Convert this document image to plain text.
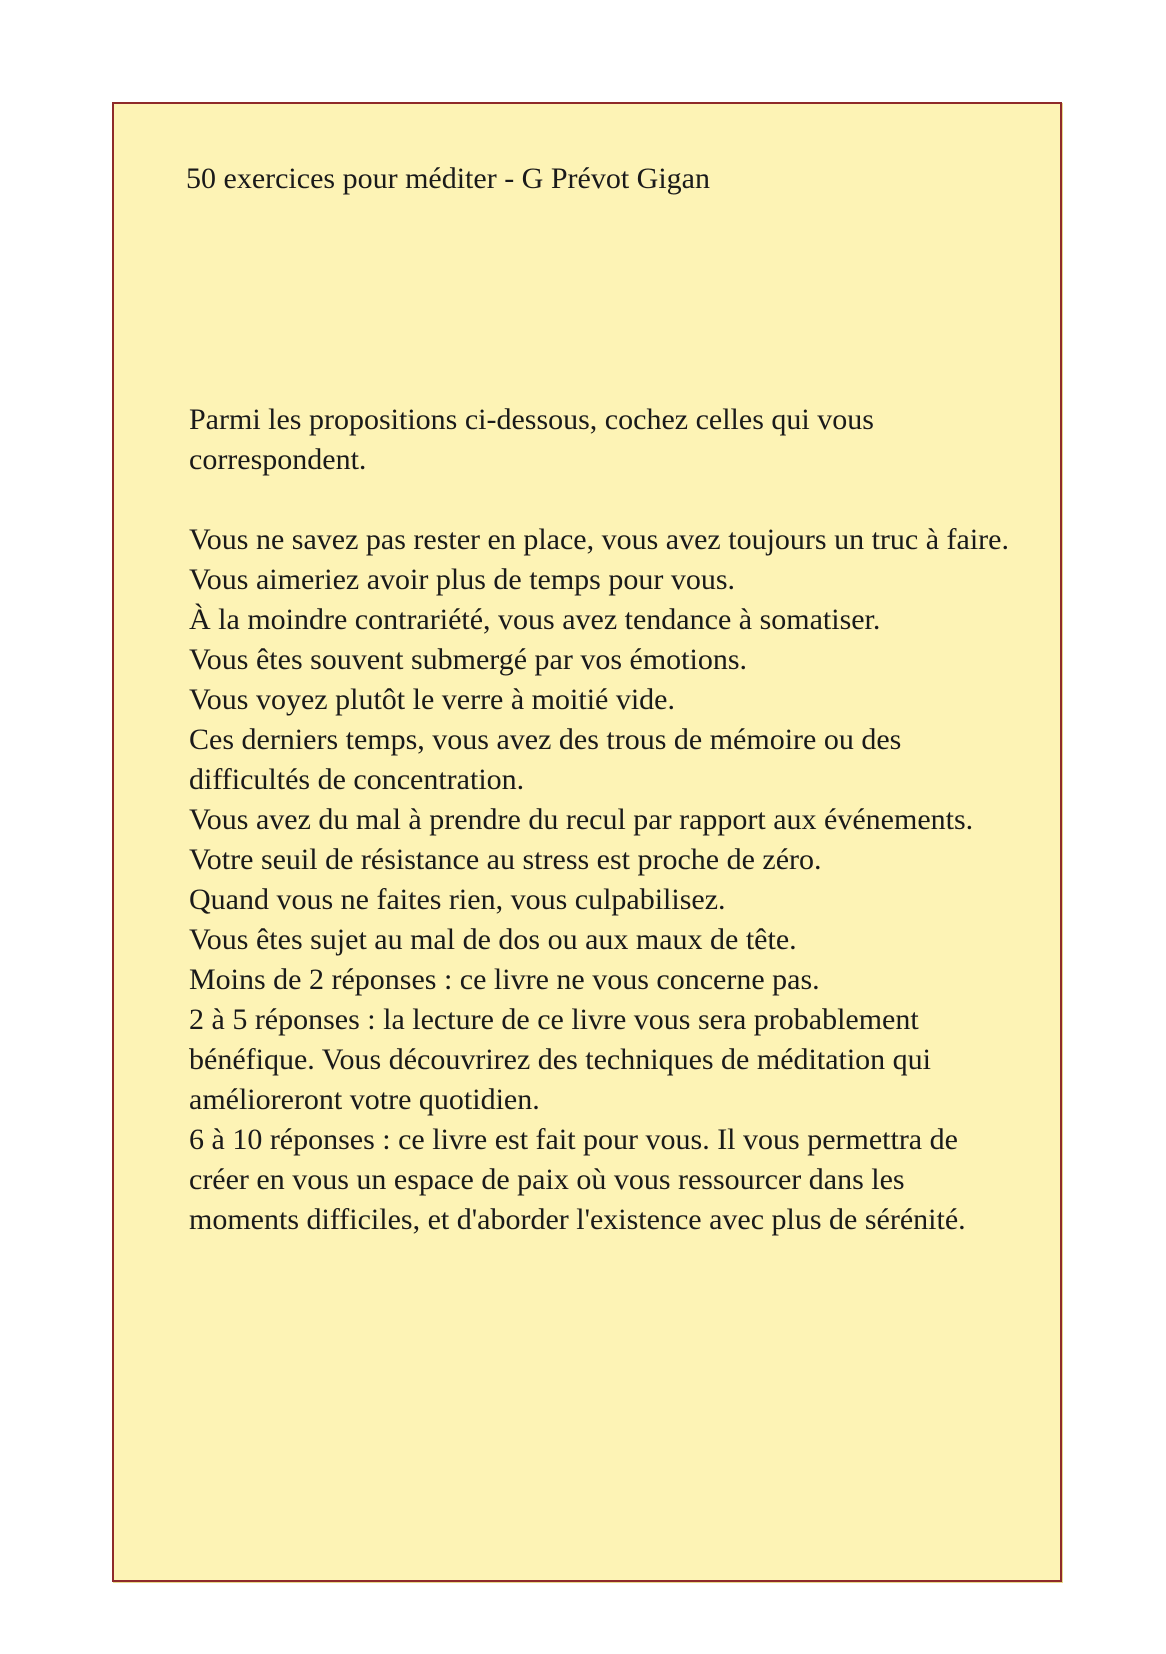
50 exercices pour méditer - G Prévot Gigan

Parmi les propositions ci-dessous, cochez celles qui vous correspondent.

Vous ne savez pas rester en place, vous avez toujours un truc à faire.

Vous aimeriez avoir plus de temps pour vous.

À la moindre contrariété, vous avez tendance à somatiser.

Vous êtes souvent submergé par vos émotions.

Vous voyez plutôt le verre à moitié vide.

Ces derniers temps, vous avez des trous de mémoire ou des difficultés de concentration.

Vous avez du mal à prendre du recul par rapport aux événements.

Votre seuil de résistance au stress est proche de zéro.

Quand vous ne faites rien, vous culpabilisez.

Vous êtes sujet au mal de dos ou aux maux de tête.

Moins de 2 réponses : ce livre ne vous concerne pas.

2 à 5 réponses : la lecture de ce livre vous sera probablement bénéfique. Vous découvrirez des techniques de méditation qui amélioreront votre quotidien.

6 à 10 réponses : ce livre est fait pour vous. Il vous permettra de créer en vous un espace de paix où vous ressourcer dans les moments difficiles, et d'aborder l'existence avec plus de sérénité.
